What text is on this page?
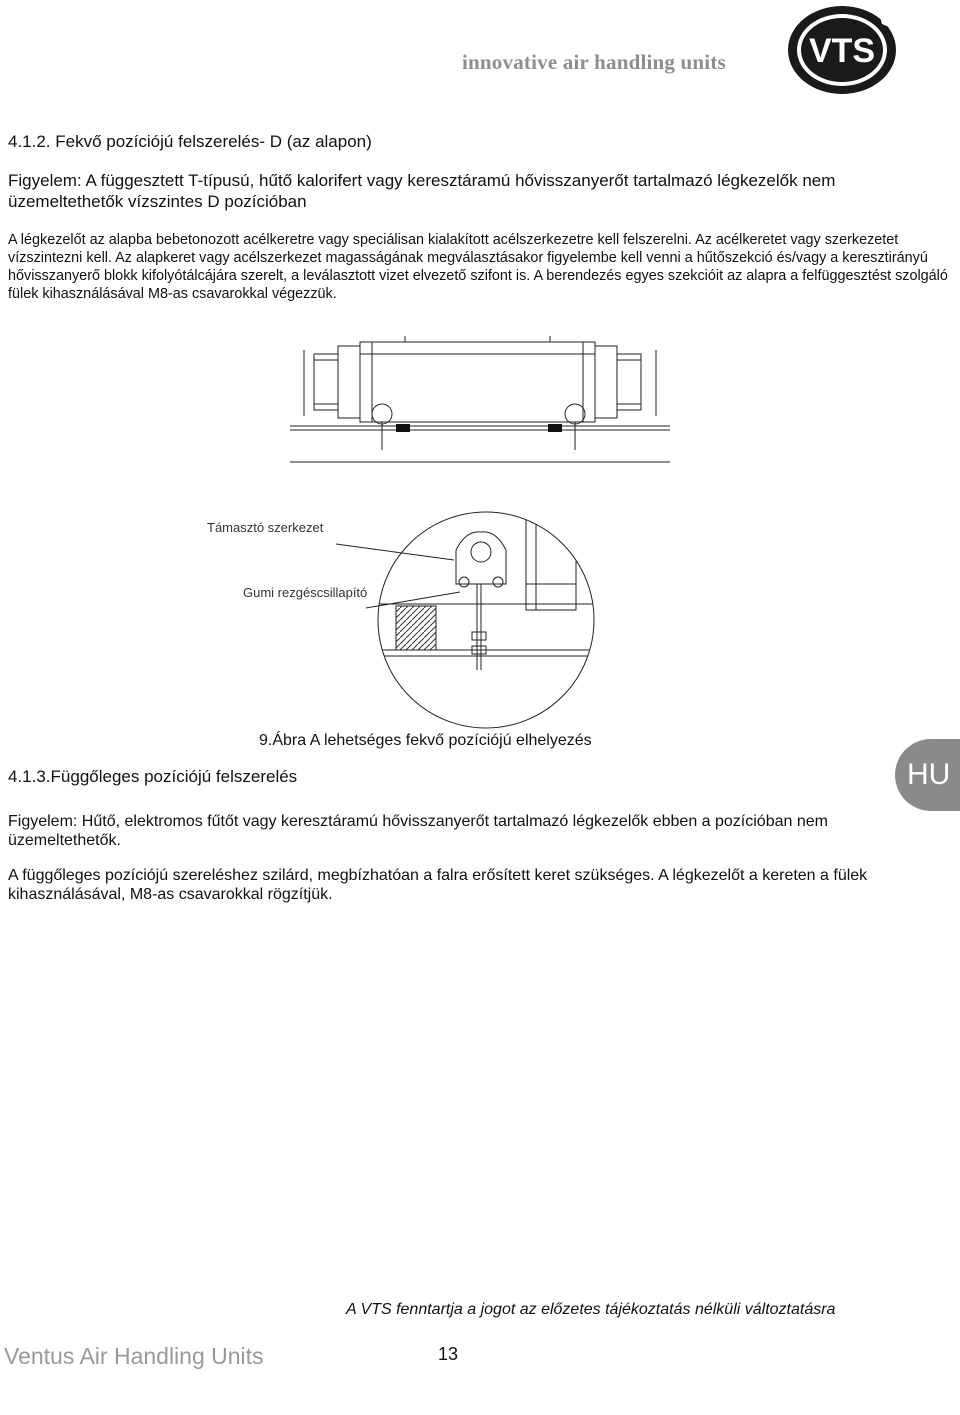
innovative air handling units VTS
4.1.2. Fekvő pozíciójú felszerelés- D (az alapon)
Figyelem: A függesztett T-típusú, hűtő kalorifert vagy keresztáramú hővisszanyerőt tartalmazó légkezelők nem üzemeltethetők vízszintes D pozícióban
A légkezelőt az alapba bebetonozott acélkeretre vagy speciálisan kialakított acélszerkezetre kell felszerelni. Az acélkeretet vagy szerkezetet vízszintezni kell. Az alapkeret vagy acélszerkezet magasságának megválasztásakor figyelembe kell venni a hűtőszekció és/vagy a keresztirányú hővisszanyerő blokk kifolyótálcájára szerelt, a leválasztott vizet elvezető szifont is. A berendezés egyes szekcióit az alapra a felfüggesztést szolgáló fülek kihasználásával M8-as csavarokkal végezzük.
Támasztó szerkezet
Gumi rezgéscsillapító
9.Ábra A lehetséges fekvő pozíciójú elhelyezés
4.1.3.Függőleges pozíciójú felszerelés	HU
Figyelem: Hűtő, elektromos fűtőt vagy keresztáramú hővisszanyerőt tartalmazó légkezelők ebben a pozícióban nem üzemeltethetők.
A függőleges pozíciójú szereléshez szilárd, megbízhatóan a falra erősített keret szükséges. A légkezelőt a kereten a fülek kihasználásával, M8-as csavarokkal rögzítjük.
A VTS fenntartja a jogot az előzetes tájékoztatás nélküli változtatásra
Ventus Air Handling Units	13
